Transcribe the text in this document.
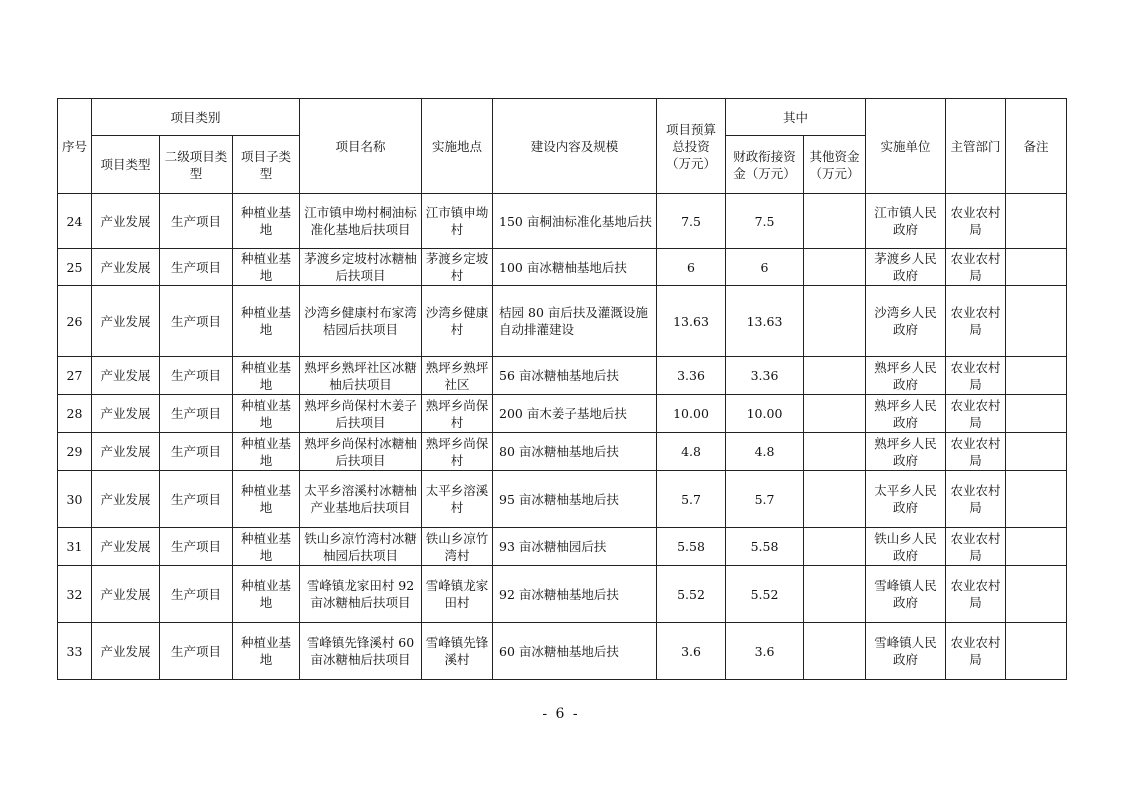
序号	项目类别			项目名称	实施地点	建设内容及规模	项目预算总投资（万元）	其中		实施单位	主管部门	备注
	项目类型	二级项目类型	项目子类型					财政衔接资金（万元）	其他资金（万元）			
24	产业发展	生产项目	种植业基地	江市镇申坳村桐油标准化基地后扶项目	江市镇申坳村	150 亩桐油标准化基地后扶	7.5	7.5		江市镇人民政府	农业农村局	
25	产业发展	生产项目	种植业基地	茅渡乡定坡村冰糖柚后扶项目	茅渡乡定坡村	100 亩冰糖柚基地后扶	6	6		茅渡乡人民政府	农业农村局	
26	产业发展	生产项目	种植业基地	沙湾乡健康村布家湾桔园后扶项目	沙湾乡健康村	桔园 80 亩后扶及灌溉设施自动排灌建设	13.63	13.63		沙湾乡人民政府	农业农村局	
27	产业发展	生产项目	种植业基地	熟坪乡熟坪社区冰糖柚后扶项目	熟坪乡熟坪社区	56 亩冰糖柚基地后扶	3.36	3.36		熟坪乡人民政府	农业农村局	
28	产业发展	生产项目	种植业基地	熟坪乡尚保村木姜子后扶项目	熟坪乡尚保村	200 亩木姜子基地后扶	10.00	10.00		熟坪乡人民政府	农业农村局	
29	产业发展	生产项目	种植业基地	熟坪乡尚保村冰糖柚后扶项目	熟坪乡尚保村	80 亩冰糖柚基地后扶	4.8	4.8		熟坪乡人民政府	农业农村局	
30	产业发展	生产项目	种植业基地	太平乡溶溪村冰糖柚产业基地后扶项目	太平乡溶溪村	95 亩冰糖柚基地后扶	5.7	5.7		太平乡人民政府	农业农村局	
31	产业发展	生产项目	种植业基地	铁山乡凉竹湾村冰糖柚园后扶项目	铁山乡凉竹湾村	93 亩冰糖柚园后扶	5.58	5.58		铁山乡人民政府	农业农村局	
32	产业发展	生产项目	种植业基地	雪峰镇龙家田村 92 亩冰糖柚后扶项目	雪峰镇龙家田村	92 亩冰糖柚基地后扶	5.52	5.52		雪峰镇人民政府	农业农村局	
33	产业发展	生产项目	种植业基地	雪峰镇先锋溪村 60 亩冰糖柚后扶项目	雪峰镇先锋溪村	60 亩冰糖柚基地后扶	3.6	3.6		雪峰镇人民政府	农业农村局	
- 6 -
